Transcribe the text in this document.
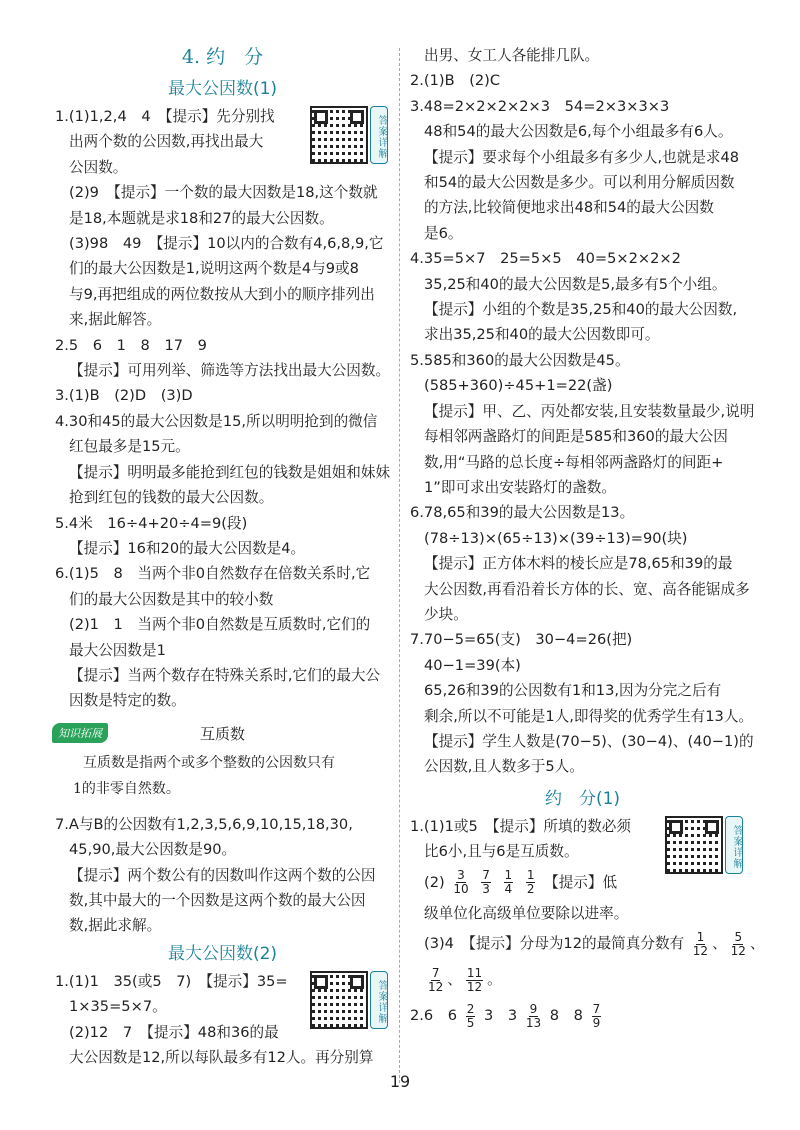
4. 约　分
最大公因数(1)
答案详解
1.(1)1,2,4　4　【提示】先分别找
出两个数的公因数,再找出最大
公因数。
(2)9　【提示】一个数的最大因数是18,这个数就
是18,本题就是求18和27的最大公因数。
(3)98　49　【提示】10以内的合数有4,6,8,9,它
们的最大公因数是1,说明这两个数是4与9或8
与9,再把组成的两位数按从大到小的顺序排列出
来,据此解答。
2.5　6　1　8　17　9
【提示】可用列举、筛选等方法找出最大公因数。
3.(1)B　(2)D　(3)D
4.30和45的最大公因数是15,所以明明抢到的微信
红包最多是15元。
【提示】明明最多能抢到红包的钱数是姐姐和妹妹
抢到红包的钱数的最大公因数。
5.4米　16÷4+20÷4=9(段)
【提示】16和20的最大公因数是4。
6.(1)5　8　当两个非0自然数存在倍数关系时,它
们的最大公因数是其中的较小数
(2)1　1　当两个非0自然数是互质数时,它们的
最大公因数是1
【提示】当两个数存在特殊关系时,它们的最大公
因数是特定的数。
知识拓展	互质数
　　互质数是指两个或多个整数的公因数只有
1的非零自然数。
7.A与B的公因数有1,2,3,5,6,9,10,15,18,30,
45,90,最大公因数是90。
【提示】两个数公有的因数叫作这两个数的公因
数,其中最大的一个因数是这两个数的最大公因
数,据此求解。
最大公因数(2)
答案详解
1.(1)1　35(或5　7)　【提示】35=
1×35=5×7。
(2)12　7　【提示】48和36的最
大公因数是12,所以每队最多有12人。再分别算
出男、女工人各能排几队。
2.(1)B　(2)C
3.48=2×2×2×2×3　54=2×3×3×3
48和54的最大公因数是6,每个小组最多有6人。
【提示】要求每个小组最多有多少人,也就是求48
和54的最大公因数是多少。可以利用分解质因数
的方法,比较简便地求出48和54的最大公因数
是6。
4.35=5×7　25=5×5　40=5×2×2×2
35,25和40的最大公因数是5,最多有5个小组。
【提示】小组的个数是35,25和40的最大公因数,
求出35,25和40的最大公因数即可。
5.585和360的最大公因数是45。
(585+360)÷45+1=22(盏)
【提示】甲、乙、丙处都安装,且安装数量最少,说明
每相邻两盏路灯的间距是585和360的最大公因
数,用“马路的总长度÷每相邻两盏路灯的间距+
1”即可求出安装路灯的盏数。
6.78,65和39的最大公因数是13。
(78÷13)×(65÷13)×(39÷13)=90(块)
【提示】正方体木料的棱长应是78,65和39的最
大公因数,再看沿着长方体的长、宽、高各能锯成多
少块。
7.70−5=65(支)　30−4=26(把)
40−1=39(本)
65,26和39的公因数有1和13,因为分完之后有
剩余,所以不可能是1人,即得奖的优秀学生有13人。
【提示】学生人数是(70−5)、(30−4)、(40−1)的
公因数,且人数多于5人。
约　分(1)
答案详解
1.(1)1或5　【提示】所填的数必须
比6小,且与6是互质数。
$(2) \frac{3}{10}$
$\frac{7}{3}$
$\frac{1}{4}$
$\frac{1}{2}$ 【提示】低
级单位化高级单位要除以进率。
(3)4　【提示】分母为12的最简真分数有 $\frac{1}{12}$ 、 $\frac{5}{12}$ 、
$\frac{7}{12}$ 、 $\frac{11}{12}$ 。
2.6　$6 \frac{2}{5} 3$　$3 \frac{9}{13} 8$　$8 \frac{7}{9}$
19
